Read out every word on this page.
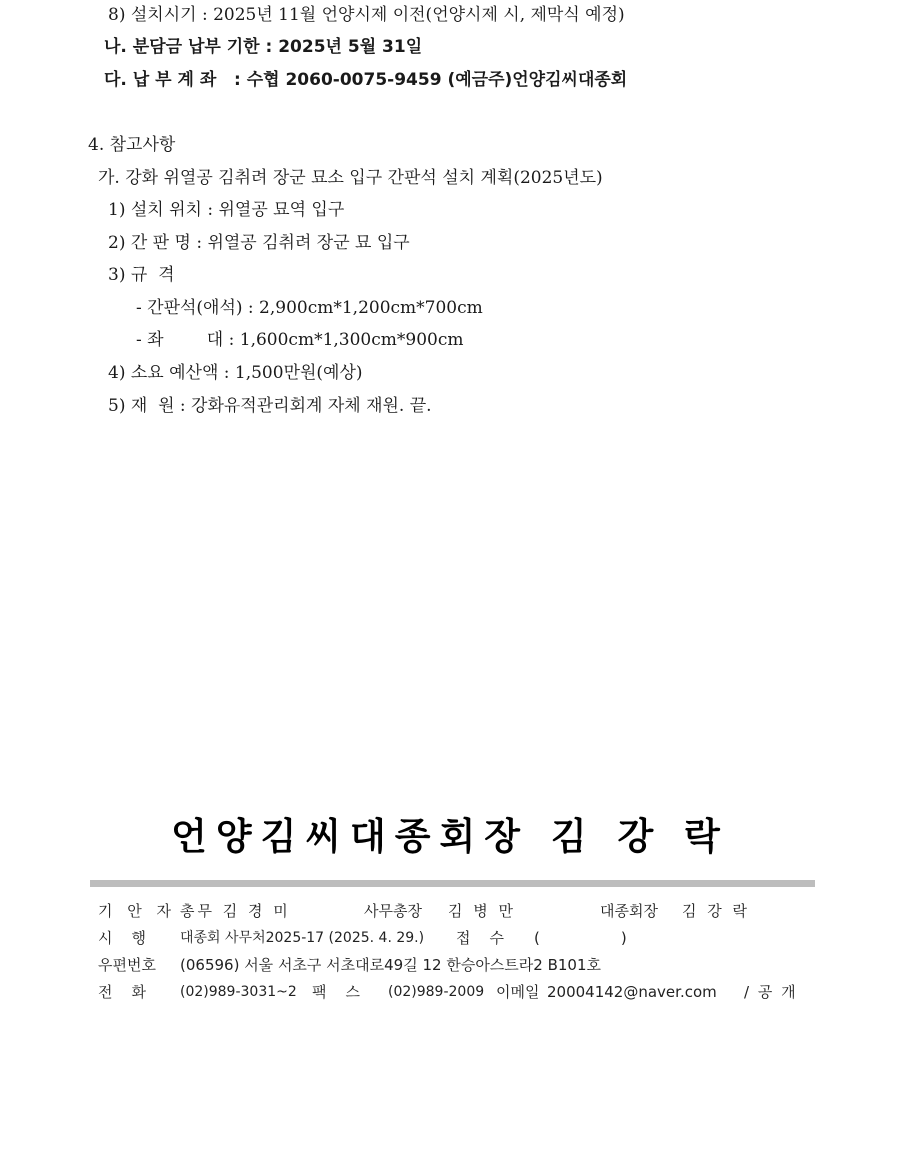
8) 설치시기 : 2025년 11월 언양시제 이전(언양시제 시, 제막식 예정)
나. 분담금 납부 기한 : 2025년 5월 31일
다. 납 부 계 좌   : 수협 2060-0075-9459 (예금주)언양김씨대종회
4. 참고사항
가. 강화 위열공 김취려 장군 묘소 입구 간판석 설치 계획(2025년도)
1) 설치 위치 : 위열공 묘역 입구
2) 간 판 명 : 위열공 김취려 장군 묘 입구
3) 규  격
- 간판석(애석) : 2,900cm*1,200cm*700cm
- 좌        대 : 1,600cm*1,300cm*900cm
4) 소요 예산액 : 1,500만원(예상)
5) 재  원 : 강화유적관리회계 자체 재원. 끝.
언양김씨대종회장 김 강 락
기 안 자 총무 김 경 미	사무총장 김 병 만	대종회장 김 강 락
시    행 대종회 사무처2025-17 (2025. 4. 29.) 접    수 (                 )
우편번호 (06596) 서울 서초구 서초대로49길 12 한승아스트라2 B101호
전    화 (02)989-3031~2 팩    스 (02)989-2009 이메일 20004142@naver.com / 공 개
